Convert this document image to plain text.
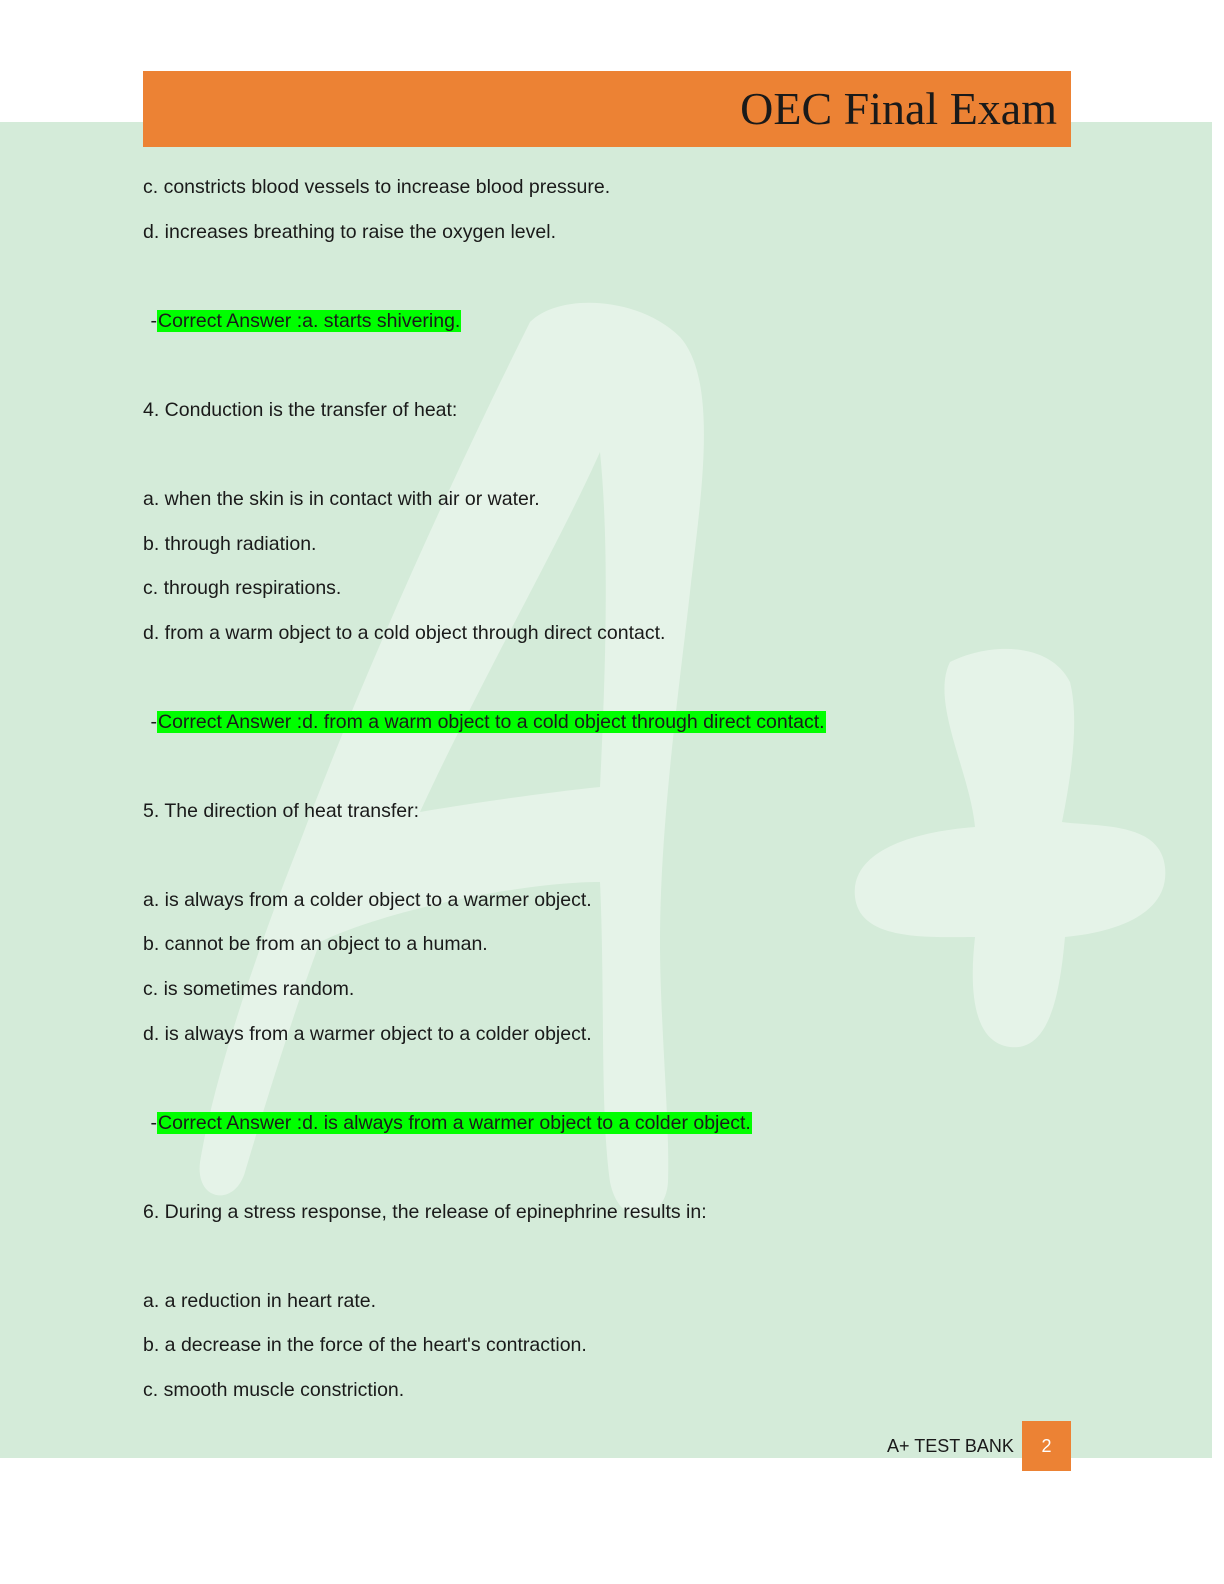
OEC Final Exam
c. constricts blood vessels to increase blood pressure.
d. increases breathing to raise the oxygen level.
-Correct Answer :a. starts shivering.
4. Conduction is the transfer of heat:
a. when the skin is in contact with air or water.
b. through radiation.
c. through respirations.
d. from a warm object to a cold object through direct contact.
-Correct Answer :d. from a warm object to a cold object through direct contact.
5. The direction of heat transfer:
a. is always from a colder object to a warmer object.
b. cannot be from an object to a human.
c. is sometimes random.
d. is always from a warmer object to a colder object.
-Correct Answer :d. is always from a warmer object to a colder object.
6. During a stress response, the release of epinephrine results in:
a. a reduction in heart rate.
b. a decrease in the force of the heart's contraction.
c. smooth muscle constriction.
A+ TEST BANK	2
